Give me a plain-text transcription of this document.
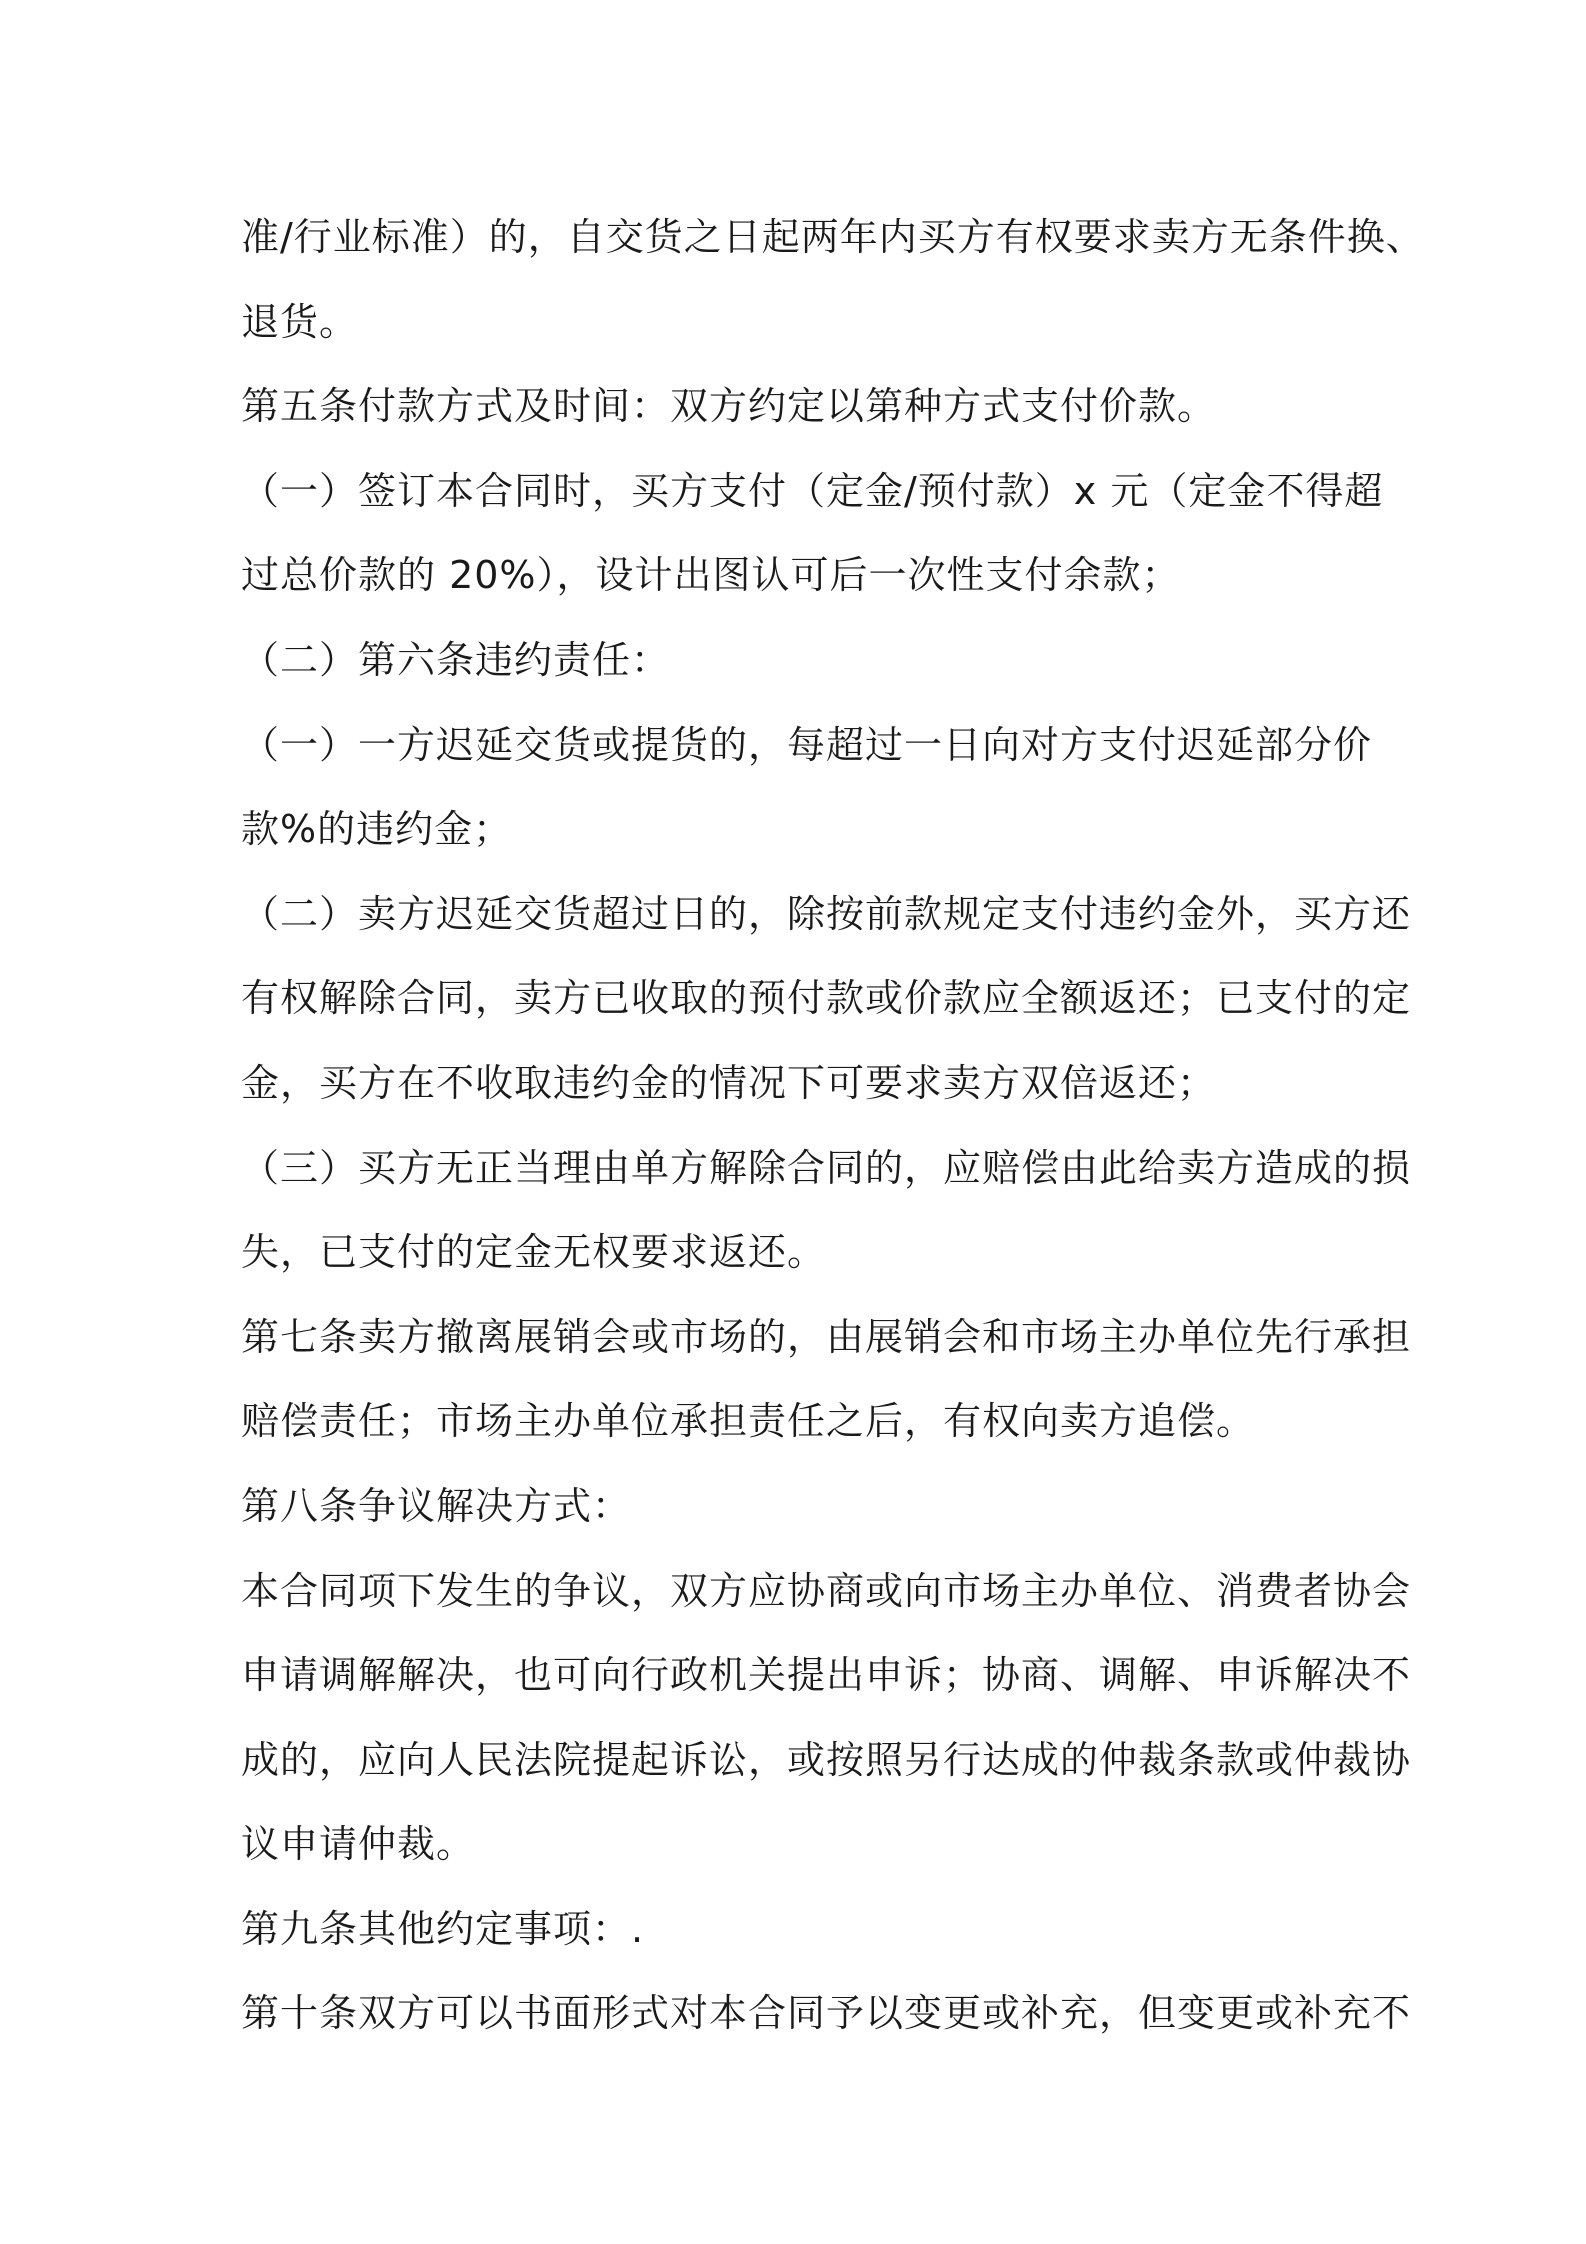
准/行业标准）的，自交货之日起两年内买方有权要求卖方无条件换、
退货。
第五条付款方式及时间：双方约定以第种方式支付价款。
（一）签订本合同时，买方支付（定金/预付款）x 元（定金不得超
过总价款的 20%），设计出图认可后一次性支付余款；
（二）第六条违约责任：
（一）一方迟延交货或提货的，每超过一日向对方支付迟延部分价
款%的违约金；
（二）卖方迟延交货超过日的，除按前款规定支付违约金外，买方还
有权解除合同，卖方已收取的预付款或价款应全额返还；已支付的定
金，买方在不收取违约金的情况下可要求卖方双倍返还；
（三）买方无正当理由单方解除合同的，应赔偿由此给卖方造成的损
失，已支付的定金无权要求返还。
第七条卖方撤离展销会或市场的，由展销会和市场主办单位先行承担
赔偿责任；市场主办单位承担责任之后，有权向卖方追偿。
第八条争议解决方式：
本合同项下发生的争议，双方应协商或向市场主办单位、消费者协会
申请调解解决，也可向行政机关提出申诉；协商、调解、申诉解决不
成的，应向人民法院提起诉讼，或按照另行达成的仲裁条款或仲裁协
议申请仲裁。
第九条其他约定事项：.
第十条双方可以书面形式对本合同予以变更或补充，但变更或补充不
